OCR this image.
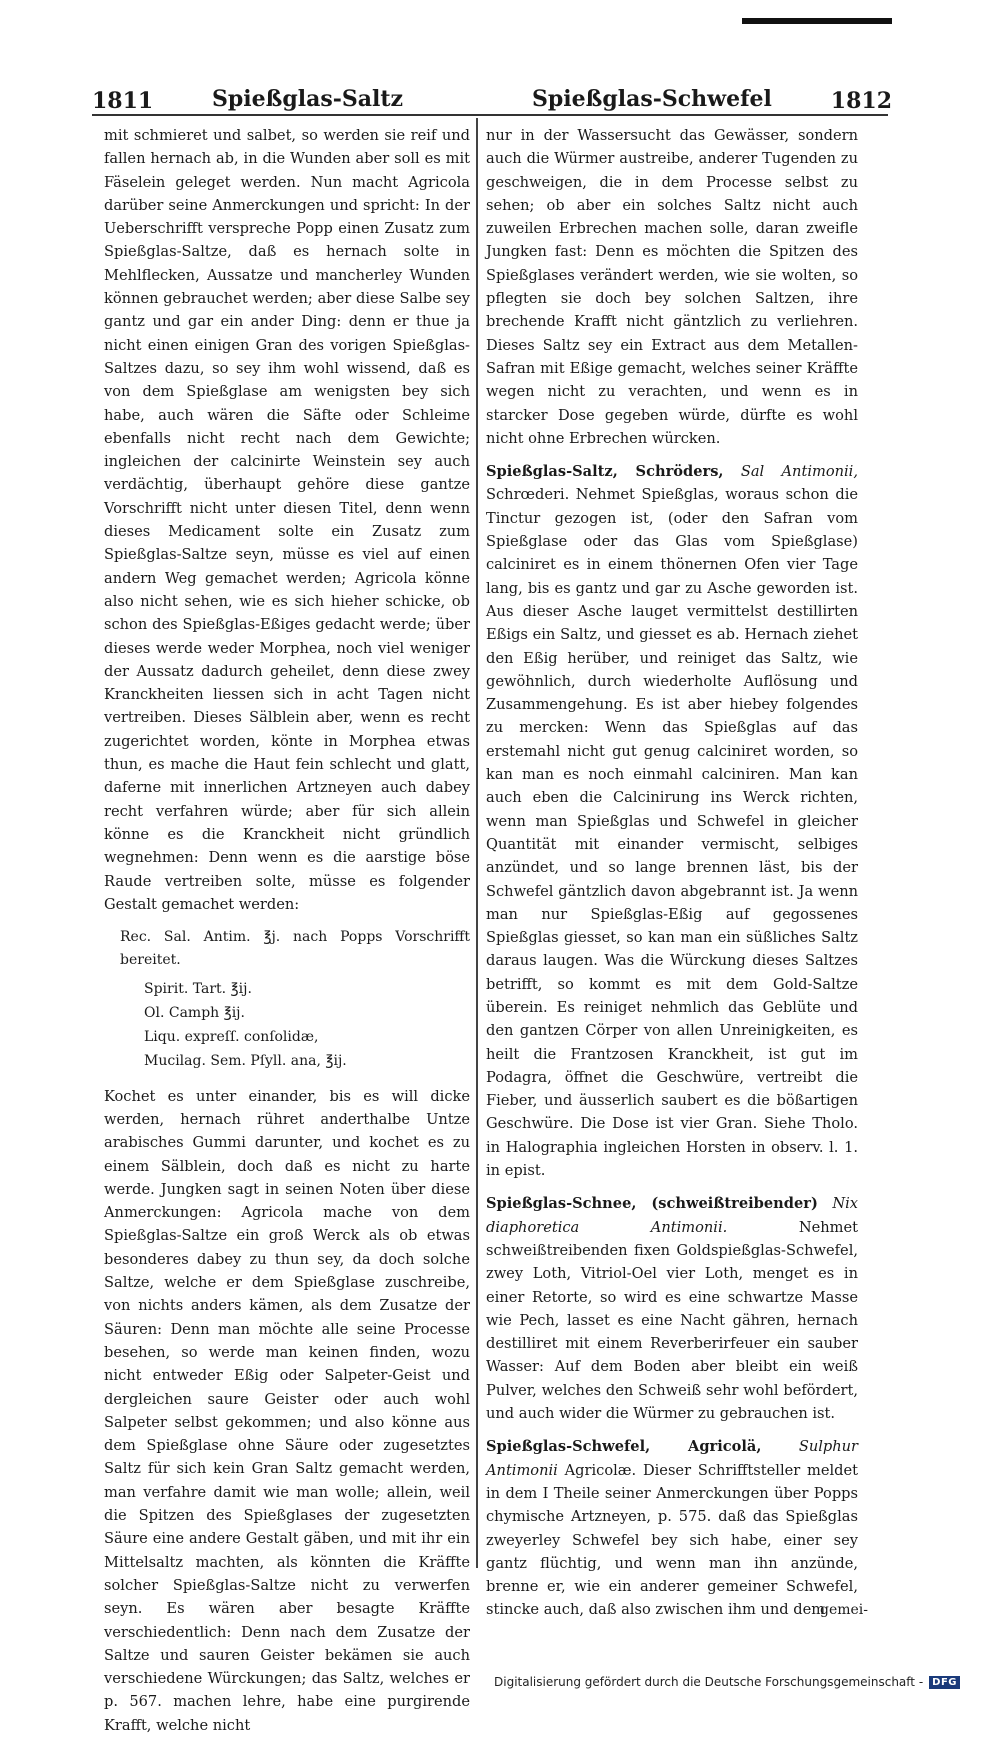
1811	Spießglas-Saltz	Spießglas-Schwefel	1812

mit schmieret und salbet, so werden sie reif und fallen hernach ab, in die Wunden aber soll es mit Fäselein geleget werden. Nun macht Agricola darüber seine Anmerckungen und spricht: In der Ueberschrifft verspreche Popp einen Zusatz zum Spießglas-Saltze, daß es hernach solte in Mehlflecken, Aussatze und mancherley Wunden können gebrauchet werden; aber diese Salbe sey gantz und gar ein ander Ding: denn er thue ja nicht einen einigen Gran des vorigen Spießglas-Saltzes dazu, so sey ihm wohl wissend, daß es von dem Spießglase am wenigsten bey sich habe, auch wären die Säfte oder Schleime ebenfalls nicht recht nach dem Gewichte; ingleichen der calcinirte Weinstein sey auch verdächtig, überhaupt gehöre diese gantze Vorschrifft nicht unter diesen Titel, denn wenn dieses Medicament solte ein Zusatz zum Spießglas-Saltze seyn, müsse es viel auf einen andern Weg gemachet werden; Agricola könne also nicht sehen, wie es sich hieher schicke, ob schon des Spießglas-Eßiges gedacht werde; über dieses werde weder Morphea, noch viel weniger der Aussatz dadurch geheilet, denn diese zwey Kranckheiten liessen sich in acht Tagen nicht vertreiben. Dieses Sälblein aber, wenn es recht zugerichtet worden, könte in Morphea etwas thun, es mache die Haut fein schlecht und glatt, daferne mit innerlichen Artzneyen auch dabey recht verfahren würde; aber für sich allein könne es die Kranckheit nicht gründlich wegnehmen: Denn wenn es die aarstige böse Raude vertreiben solte, müsse es folgender Gestalt gemachet werden:

Rec. Sal. Antim. ℥j. nach Popps Vorschrifft bereitet.
Spirit. Tart. ℥ij.
Ol. Camph ℥ij.
Liqu. expreſſ. conſolidæ,
Mucilag. Sem. Pſyll. ana, ℥ij.

Kochet es unter einander, bis es will dicke werden, hernach rühret anderthalbe Untze arabisches Gummi darunter, und kochet es zu einem Sälblein, doch daß es nicht zu harte werde. Jungken sagt in seinen Noten über diese Anmerckungen: Agricola mache von dem Spießglas-Saltze ein groß Werck als ob etwas besonderes dabey zu thun sey, da doch solche Saltze, welche er dem Spießglase zuschreibe, von nichts anders kämen, als dem Zusatze der Säuren: Denn man möchte alle seine Processe besehen, so werde man keinen finden, wozu nicht entweder Eßig oder Salpeter-Geist und dergleichen saure Geister oder auch wohl Salpeter selbst gekommen; und also könne aus dem Spießglase ohne Säure oder zugesetztes Saltz für sich kein Gran Saltz gemacht werden, man verfahre damit wie man wolle; allein, weil die Spitzen des Spießglases der zugesetzten Säure eine andere Gestalt gäben, und mit ihr ein Mittelsaltz machten, als könnten die Kräffte solcher Spießglas-Saltze nicht zu verwerfen seyn. Es wären aber besagte Kräffte verschiedentlich: Denn nach dem Zusatze der Saltze und sauren Geister bekämen sie auch verschiedene Würckungen; das Saltz, welches er p. 567. machen lehre, habe eine purgirende Krafft, welche nicht

nur in der Wassersucht das Gewässer, sondern auch die Würmer austreibe, anderer Tugenden zu geschweigen, die in dem Processe selbst zu sehen; ob aber ein solches Saltz nicht auch zuweilen Erbrechen machen solle, daran zweifle Jungken fast: Denn es möchten die Spitzen des Spießglases verändert werden, wie sie wolten, so pflegten sie doch bey solchen Saltzen, ihre brechende Krafft nicht gäntzlich zu verliehren. Dieses Saltz sey ein Extract aus dem Metallen-Safran mit Eßige gemacht, welches seiner Kräffte wegen nicht zu verachten, und wenn es in starcker Dose gegeben würde, dürfte es wohl nicht ohne Erbrechen würcken.

Spießglas-Saltz, Schröders, Sal Antimonii, Schrœderi. Nehmet Spießglas, woraus schon die Tinctur gezogen ist, (oder den Safran vom Spießglase oder das Glas vom Spießglase) calciniret es in einem thönernen Ofen vier Tage lang, bis es gantz und gar zu Asche geworden ist. Aus dieser Asche lauget vermittelst destillirten Eßigs ein Saltz, und giesset es ab. Hernach ziehet den Eßig herüber, und reiniget das Saltz, wie gewöhnlich, durch wiederholte Auflösung und Zusammengehung. Es ist aber hiebey folgendes zu mercken: Wenn das Spießglas auf das erstemahl nicht gut genug calciniret worden, so kan man es noch einmahl calciniren. Man kan auch eben die Calcinirung ins Werck richten, wenn man Spießglas und Schwefel in gleicher Quantität mit einander vermischt, selbiges anzündet, und so lange brennen läst, bis der Schwefel gäntzlich davon abgebrannt ist. Ja wenn man nur Spießglas-Eßig auf gegossenes Spießglas giesset, so kan man ein süßliches Saltz daraus laugen. Was die Würckung dieses Saltzes betrifft, so kommt es mit dem Gold-Saltze überein. Es reiniget nehmlich das Geblüte und den gantzen Cörper von allen Unreinigkeiten, es heilt die Frantzosen Kranckheit, ist gut im Podagra, öffnet die Geschwüre, vertreibt die Fieber, und äusserlich saubert es die bößartigen Geschwüre. Die Dose ist vier Gran. Siehe Tholo. in Halographia ingleichen Horsten in observ. l. 1. in epist.

Spießglas-Schnee, (schweißtreibender) Nix diaphoretica Antimonii.	Nehmet schweißtreibenden fixen Goldspießglas-Schwefel, zwey Loth, Vitriol-Oel vier Loth, menget es in einer Retorte, so wird es eine schwartze Masse wie Pech, lasset es eine Nacht gähren, hernach destilliret mit einem Reverberirfeuer ein sauber Wasser: Auf dem Boden aber bleibt ein weiß Pulver, welches den Schweiß sehr wohl befördert, und auch wider die Würmer zu gebrauchen ist.

Spießglas-Schwefel, Agricolä,	Sulphur Antimonii Agricolæ. Dieser Schrifftsteller meldet in dem I Theile seiner Anmerckungen über Popps chymische Artzneyen, p. 575. daß das Spießglas zweyerley Schwefel bey sich habe, einer sey gantz flüchtig, und wenn man ihn anzünde, brenne er, wie ein anderer gemeiner Schwefel, stincke auch, daß also zwischen ihm und dem

gemei-
Digitalisierung gefördert durch die Deutsche Forschungsgemeinschaft - DFG
